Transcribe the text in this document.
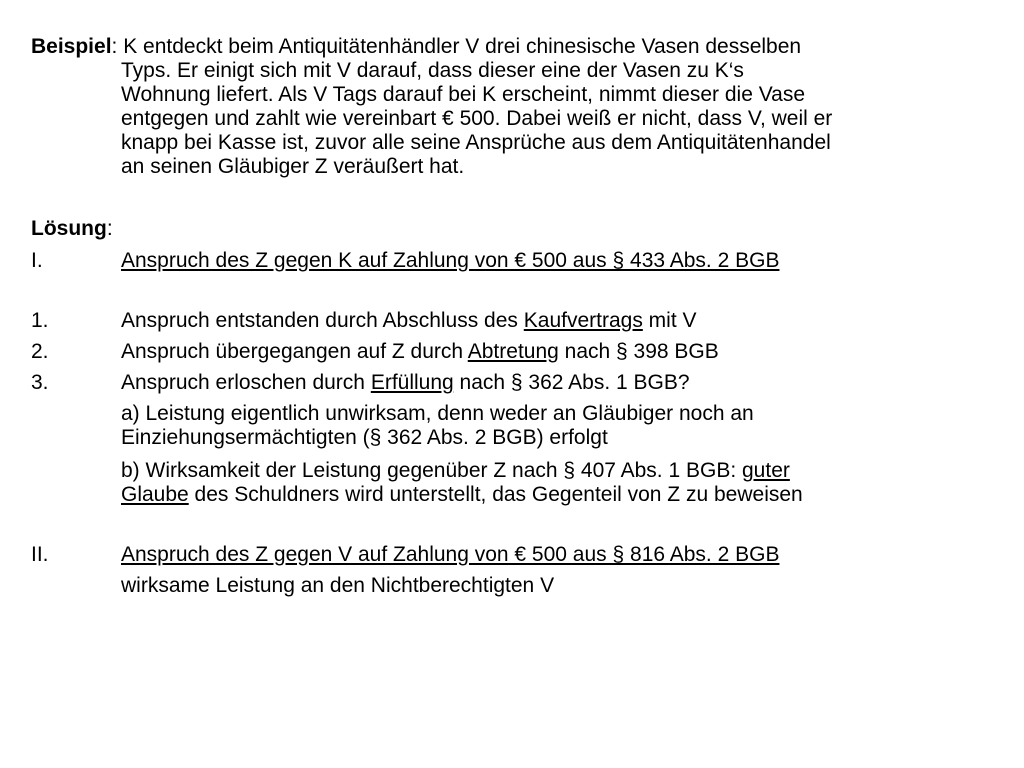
Beispiel: K entdeckt beim Antiquitätenhändler V drei chinesische Vasen desselben
Typs. Er einigt sich mit V darauf, dass dieser eine der Vasen zu K‘s
Wohnung liefert. Als V Tags darauf bei K erscheint, nimmt dieser die Vase
entgegen und zahlt wie vereinbart € 500. Dabei weiß er nicht, dass V, weil er
knapp bei Kasse ist, zuvor alle seine Ansprüche aus dem Antiquitätenhandel
an seinen Gläubiger Z veräußert hat.
Lösung:
I.	Anspruch des Z gegen K auf Zahlung von € 500 aus § 433 Abs. 2 BGB
1.	Anspruch entstanden durch Abschluss des Kaufvertrags mit V
2.	Anspruch übergegangen auf Z durch Abtretung nach § 398 BGB
3.	Anspruch erloschen durch Erfüllung nach § 362 Abs. 1 BGB?
a) Leistung eigentlich unwirksam, denn weder an Gläubiger noch an
Einziehungsermächtigten (§ 362 Abs. 2 BGB) erfolgt
b) Wirksamkeit der Leistung gegenüber Z nach § 407 Abs. 1 BGB: guter
Glaube des Schuldners wird unterstellt, das Gegenteil von Z zu beweisen
II.	Anspruch des Z gegen V auf Zahlung von € 500 aus § 816 Abs. 2 BGB
wirksame Leistung an den Nichtberechtigten V
